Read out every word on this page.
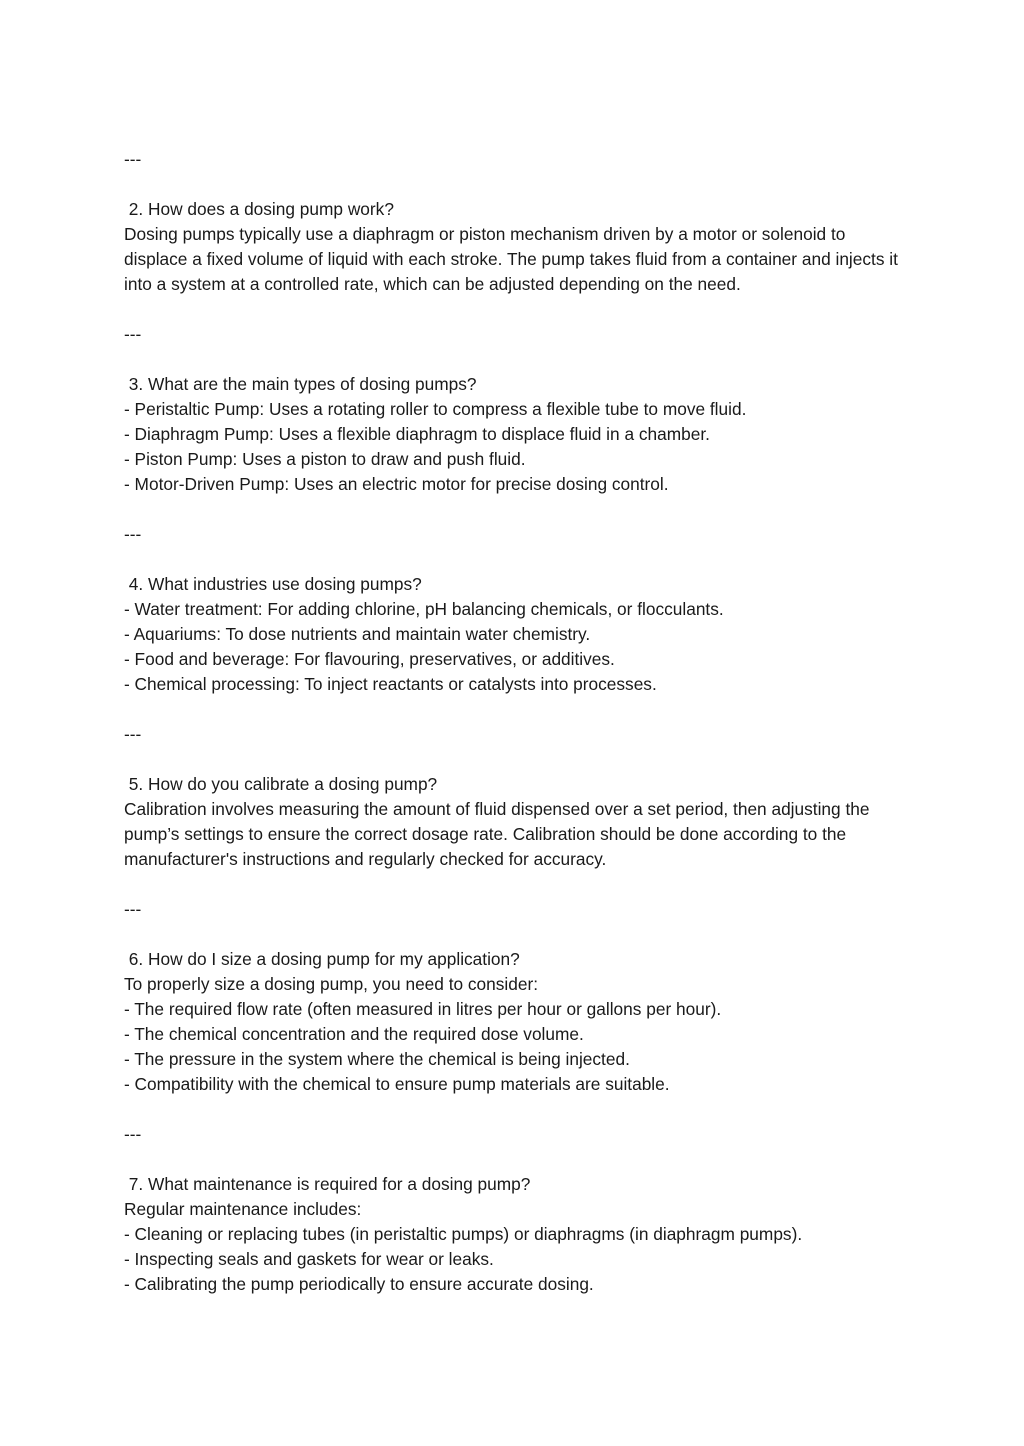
---
2. How does a dosing pump work?
Dosing pumps typically use a diaphragm or piston mechanism driven by a motor or solenoid to displace a fixed volume of liquid with each stroke. The pump takes fluid from a container and injects it into a system at a controlled rate, which can be adjusted depending on the need.
---
3. What are the main types of dosing pumps?
- Peristaltic Pump: Uses a rotating roller to compress a flexible tube to move fluid.
- Diaphragm Pump: Uses a flexible diaphragm to displace fluid in a chamber.
- Piston Pump: Uses a piston to draw and push fluid.
- Motor-Driven Pump: Uses an electric motor for precise dosing control.
---
4. What industries use dosing pumps?
- Water treatment: For adding chlorine, pH balancing chemicals, or flocculants.
- Aquariums: To dose nutrients and maintain water chemistry.
- Food and beverage: For flavouring, preservatives, or additives.
- Chemical processing: To inject reactants or catalysts into processes.
---
5. How do you calibrate a dosing pump?
Calibration involves measuring the amount of fluid dispensed over a set period, then adjusting the pump’s settings to ensure the correct dosage rate. Calibration should be done according to the manufacturer's instructions and regularly checked for accuracy.
---
6. How do I size a dosing pump for my application?
To properly size a dosing pump, you need to consider:
- The required flow rate (often measured in litres per hour or gallons per hour).
- The chemical concentration and the required dose volume.
- The pressure in the system where the chemical is being injected.
- Compatibility with the chemical to ensure pump materials are suitable.
---
7. What maintenance is required for a dosing pump?
Regular maintenance includes:
- Cleaning or replacing tubes (in peristaltic pumps) or diaphragms (in diaphragm pumps).
- Inspecting seals and gaskets for wear or leaks.
- Calibrating the pump periodically to ensure accurate dosing.
